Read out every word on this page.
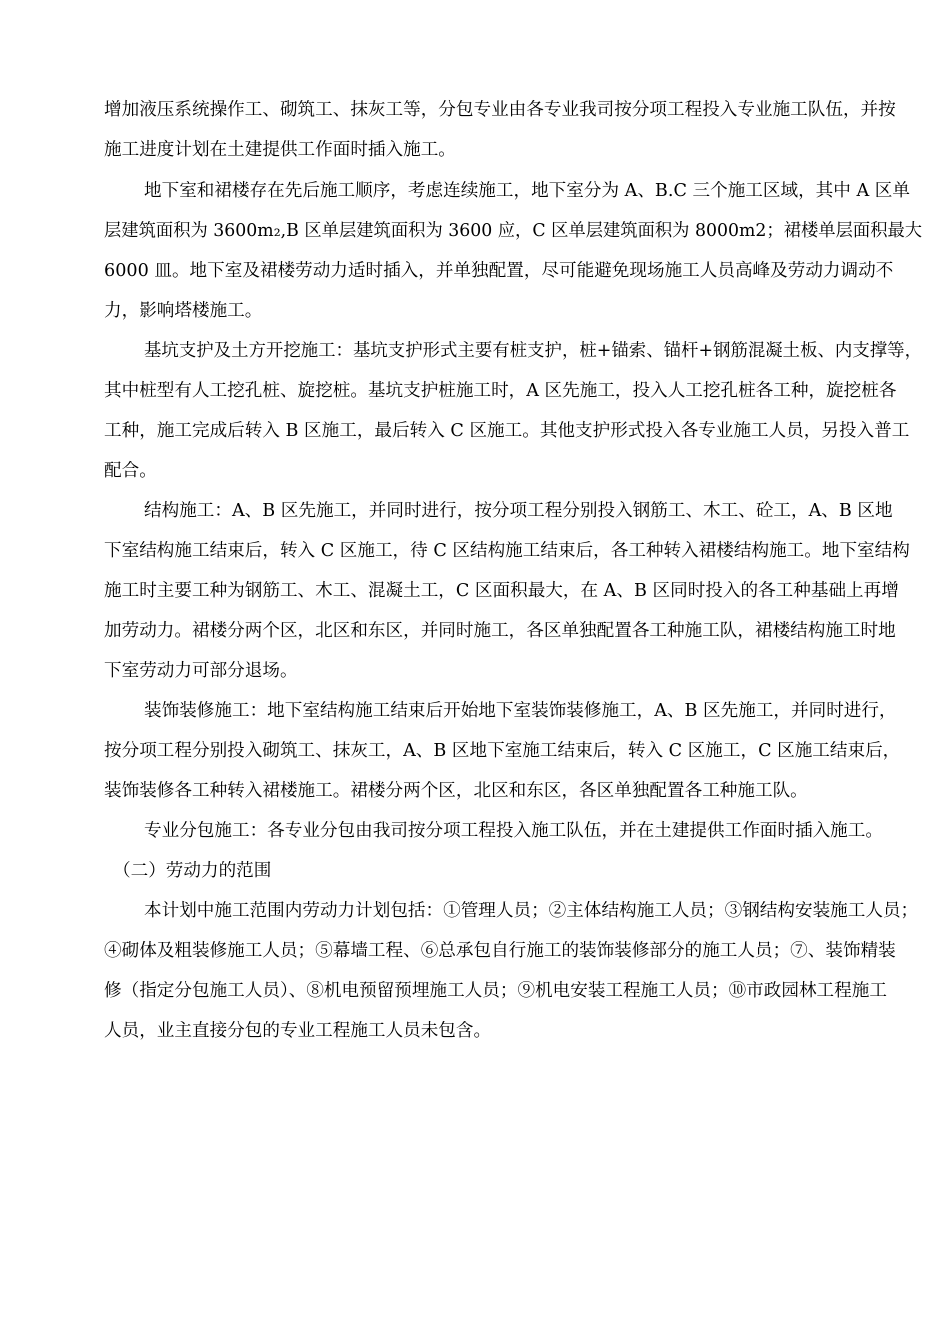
增加液压系统操作工、砌筑工、抹灰工等，分包专业由各专业我司按分项工程投入专业施工队伍，并按
施工进度计划在土建提供工作面时插入施工。
地下室和裙楼存在先后施工顺序，考虑连续施工，地下室分为 A、B.C 三个施工区域，其中 A 区单
层建筑面积为 3600m₂,B 区单层建筑面积为 3600 应，C 区单层建筑面积为 8000m2；裙楼单层面积最大
6000 皿。地下室及裙楼劳动力适时插入，并单独配置，尽可能避免现场施工人员高峰及劳动力调动不
力，影响塔楼施工。
基坑支护及土方开挖施工：基坑支护形式主要有桩支护，桩+锚索、锚杆+钢筋混凝土板、内支撑等，
其中桩型有人工挖孔桩、旋挖桩。基坑支护桩施工时，A 区先施工，投入人工挖孔桩各工种，旋挖桩各
工种，施工完成后转入 B 区施工，最后转入 C 区施工。其他支护形式投入各专业施工人员，另投入普工
配合。
结构施工：A、B 区先施工，并同时进行，按分项工程分别投入钢筋工、木工、砼工，A、B 区地
下室结构施工结束后，转入 C 区施工，待 C 区结构施工结束后，各工种转入裙楼结构施工。地下室结构
施工时主要工种为钢筋工、木工、混凝土工，C 区面积最大，在 A、B 区同时投入的各工种基础上再增
加劳动力。裙楼分两个区，北区和东区，并同时施工，各区单独配置各工种施工队，裙楼结构施工时地
下室劳动力可部分退场。
装饰装修施工：地下室结构施工结束后开始地下室装饰装修施工，A、B 区先施工，并同时进行，
按分项工程分别投入砌筑工、抹灰工，A、B 区地下室施工结束后，转入 C 区施工，C 区施工结束后，
装饰装修各工种转入裙楼施工。裙楼分两个区，北区和东区，各区单独配置各工种施工队。
专业分包施工：各专业分包由我司按分项工程投入施工队伍，并在土建提供工作面时插入施工。
（二）劳动力的范围
本计划中施工范围内劳动力计划包括：①管理人员；②主体结构施工人员；③钢结构安装施工人员；
④砌体及粗装修施工人员；⑤幕墙工程、⑥总承包自行施工的装饰装修部分的施工人员；⑦、装饰精装
修（指定分包施工人员）、⑧机电预留预埋施工人员；⑨机电安装工程施工人员；⑩市政园林工程施工
人员，业主直接分包的专业工程施工人员未包含。
